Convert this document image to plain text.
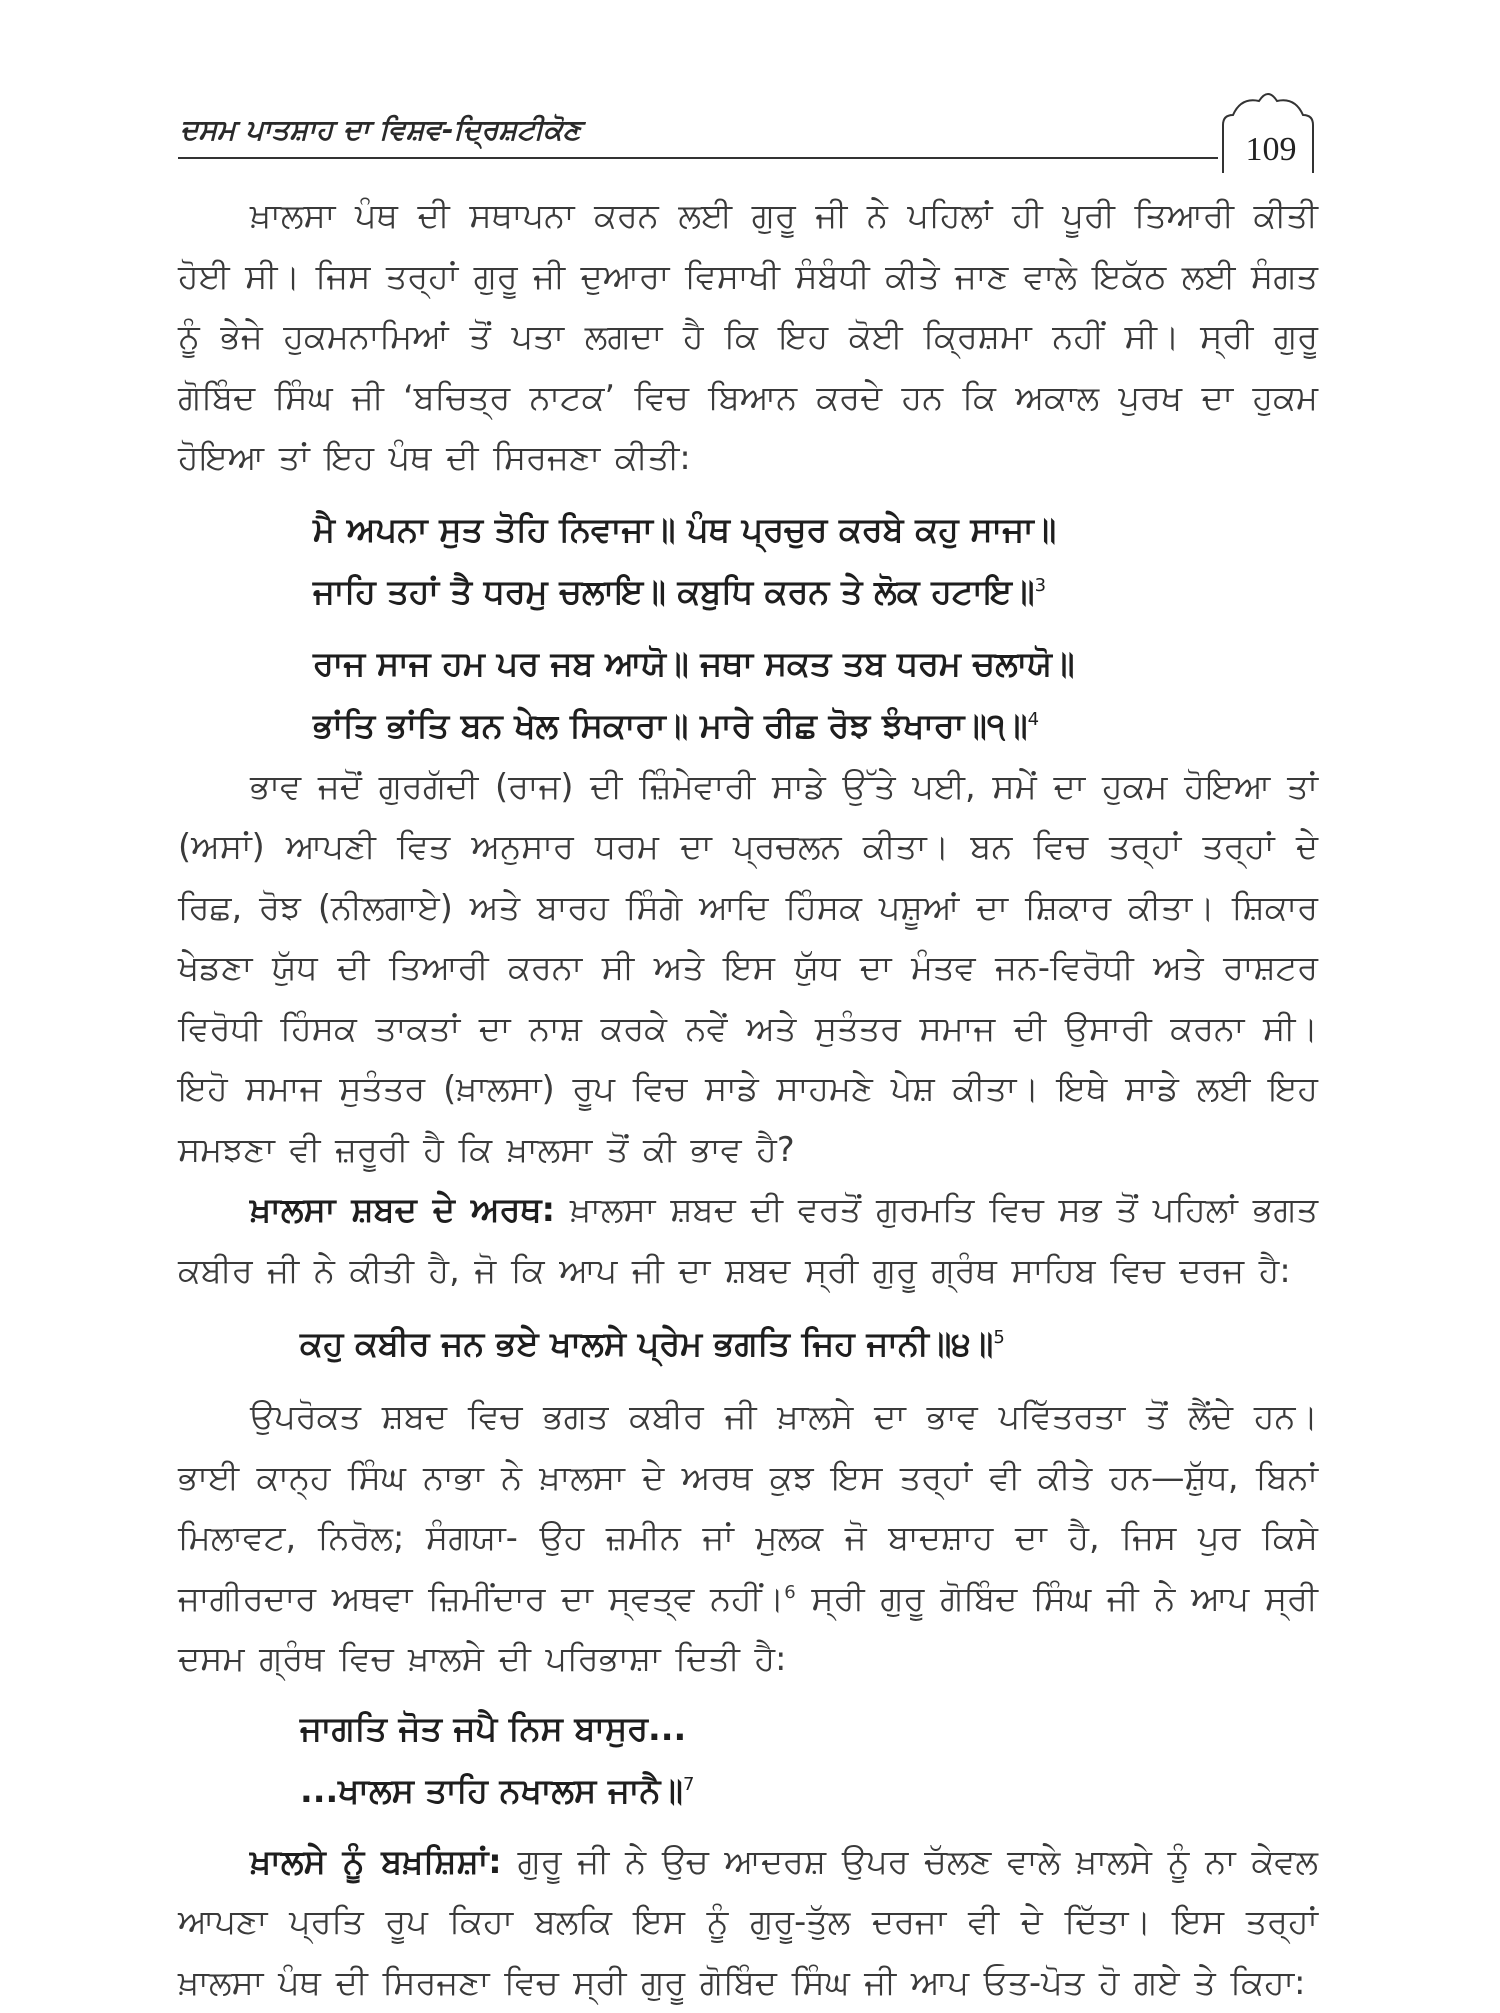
ਦਸਮ ਪਾਤਸ਼ਾਹ ਦਾ ਵਿਸ਼ਵ-ਦ੍ਰਿਸ਼ਟੀਕੋਣ
109

ਖ਼ਾਲਸਾ ਪੰਥ ਦੀ ਸਥਾਪਨਾ ਕਰਨ ਲਈ ਗੁਰੂ ਜੀ ਨੇ ਪਹਿਲਾਂ ਹੀ ਪੂਰੀ ਤਿਆਰੀ ਕੀਤੀ ਹੋਈ ਸੀ। ਜਿਸ ਤਰ੍ਹਾਂ ਗੁਰੂ ਜੀ ਦੁਆਰਾ ਵਿਸਾਖੀ ਸੰਬੰਧੀ ਕੀਤੇ ਜਾਣ ਵਾਲੇ ਇਕੱਠ ਲਈ ਸੰਗਤ ਨੂੰ ਭੇਜੇ ਹੁਕਮਨਾਮਿਆਂ ਤੋਂ ਪਤਾ ਲਗਦਾ ਹੈ ਕਿ ਇਹ ਕੋਈ ਕ੍ਰਿਸ਼ਮਾ ਨਹੀਂ ਸੀ। ਸ੍ਰੀ ਗੁਰੂ ਗੋਬਿੰਦ ਸਿੰਘ ਜੀ ‘ਬਚਿਤ੍ਰ ਨਾਟਕ’ ਵਿਚ ਬਿਆਨ ਕਰਦੇ ਹਨ ਕਿ ਅਕਾਲ ਪੁਰਖ ਦਾ ਹੁਕਮ ਹੋਇਆ ਤਾਂ ਇਹ ਪੰਥ ਦੀ ਸਿਰਜਣਾ ਕੀਤੀ:

ਮੈ ਅਪਨਾ ਸੁਤ ਤੋਹਿ ਨਿਵਾਜਾ॥ ਪੰਥ ਪ੍ਰਚੁਰ ਕਰਬੇ ਕਹੁ ਸਾਜਾ॥
ਜਾਹਿ ਤਹਾਂ ਤੈ ਧਰਮੁ ਚਲਾਇ॥ ਕਬੁਧਿ ਕਰਨ ਤੇ ਲੋਕ ਹਟਾਇ॥$^3$
ਰਾਜ ਸਾਜ ਹਮ ਪਰ ਜਬ ਆਯੋ॥ ਜਥਾ ਸਕਤ ਤਬ ਧਰਮ ਚਲਾਯੋ॥
ਭਾਂਤਿ ਭਾਂਤਿ ਬਨ ਖੇਲ ਸਿਕਾਰਾ॥ ਮਾਰੇ ਰੀਛ ਰੋਝ ਝੰਖਾਰਾ॥੧॥$^4$

ਭਾਵ ਜਦੋਂ ਗੁਰਗੱਦੀ (ਰਾਜ) ਦੀ ਜ਼ਿੰਮੇਵਾਰੀ ਸਾਡੇ ਉੱਤੇ ਪਈ, ਸਮੇਂ ਦਾ ਹੁਕਮ ਹੋਇਆ ਤਾਂ (ਅਸਾਂ) ਆਪਣੀ ਵਿਤ ਅਨੁਸਾਰ ਧਰਮ ਦਾ ਪ੍ਰਚਲਨ ਕੀਤਾ। ਬਨ ਵਿਚ ਤਰ੍ਹਾਂ ਤਰ੍ਹਾਂ ਦੇ ਰਿਛ, ਰੋਝ (ਨੀਲਗਾਏ) ਅਤੇ ਬਾਰਹ ਸਿੰਗੇ ਆਦਿ ਹਿੰਸਕ ਪਸ਼ੂਆਂ ਦਾ ਸ਼ਿਕਾਰ ਕੀਤਾ। ਸ਼ਿਕਾਰ ਖੇਡਣਾ ਯੁੱਧ ਦੀ ਤਿਆਰੀ ਕਰਨਾ ਸੀ ਅਤੇ ਇਸ ਯੁੱਧ ਦਾ ਮੰਤਵ ਜਨ-ਵਿਰੋਧੀ ਅਤੇ ਰਾਸ਼ਟਰ ਵਿਰੋਧੀ ਹਿੰਸਕ ਤਾਕਤਾਂ ਦਾ ਨਾਸ਼ ਕਰਕੇ ਨਵੇਂ ਅਤੇ ਸੁਤੰਤਰ ਸਮਾਜ ਦੀ ਉਸਾਰੀ ਕਰਨਾ ਸੀ। ਇਹੋ ਸਮਾਜ ਸੁਤੰਤਰ (ਖ਼ਾਲਸਾ) ਰੂਪ ਵਿਚ ਸਾਡੇ ਸਾਹਮਣੇ ਪੇਸ਼ ਕੀਤਾ। ਇਥੇ ਸਾਡੇ ਲਈ ਇਹ ਸਮਝਣਾ ਵੀ ਜ਼ਰੂਰੀ ਹੈ ਕਿ ਖ਼ਾਲਸਾ ਤੋਂ ਕੀ ਭਾਵ ਹੈ?

ਖ਼ਾਲਸਾ ਸ਼ਬਦ ਦੇ ਅਰਥ: ਖ਼ਾਲਸਾ ਸ਼ਬਦ ਦੀ ਵਰਤੋਂ ਗੁਰਮਤਿ ਵਿਚ ਸਭ ਤੋਂ ਪਹਿਲਾਂ ਭਗਤ ਕਬੀਰ ਜੀ ਨੇ ਕੀਤੀ ਹੈ, ਜੋ ਕਿ ਆਪ ਜੀ ਦਾ ਸ਼ਬਦ ਸ੍ਰੀ ਗੁਰੂ ਗ੍ਰੰਥ ਸਾਹਿਬ ਵਿਚ ਦਰਜ ਹੈ:

ਕਹੁ ਕਬੀਰ ਜਨ ਭਏ ਖਾਲਸੇ ਪ੍ਰੇਮ ਭਗਤਿ ਜਿਹ ਜਾਨੀ॥੪॥$^5$

ਉਪਰੋਕਤ ਸ਼ਬਦ ਵਿਚ ਭਗਤ ਕਬੀਰ ਜੀ ਖ਼ਾਲਸੇ ਦਾ ਭਾਵ ਪਵਿੱਤਰਤਾ ਤੋਂ ਲੈਂਦੇ ਹਨ। ਭਾਈ ਕਾਨ੍ਹ ਸਿੰਘ ਨਾਭਾ ਨੇ ਖ਼ਾਲਸਾ ਦੇ ਅਰਥ ਕੁਝ ਇਸ ਤਰ੍ਹਾਂ ਵੀ ਕੀਤੇ ਹਨ—ਸ਼ੁੱਧ, ਬਿਨਾਂ ਮਿਲਾਵਟ, ਨਿਰੋਲ; ਸੰਗਯਾ- ਉਹ ਜ਼ਮੀਨ ਜਾਂ ਮੁਲਕ ਜੋ ਬਾਦਸ਼ਾਹ ਦਾ ਹੈ, ਜਿਸ ਪੁਰ ਕਿਸੇ ਜਾਗੀਰਦਾਰ ਅਥਵਾ ਜ਼ਿਮੀਂਦਾਰ ਦਾ ਸ੍ਵਤ੍ਵ ਨਹੀਂ।$^6$ ਸ੍ਰੀ ਗੁਰੂ ਗੋਬਿੰਦ ਸਿੰਘ ਜੀ ਨੇ ਆਪ ਸ੍ਰੀ ਦਸਮ ਗ੍ਰੰਥ ਵਿਚ ਖ਼ਾਲਸੇ ਦੀ ਪਰਿਭਾਸ਼ਾ ਦਿਤੀ ਹੈ:

ਜਾਗਤਿ ਜੋਤ ਜਪੈ ਨਿਸ ਬਾਸੁਰ...
...ਖਾਲਸ ਤਾਹਿ ਨਖਾਲਸ ਜਾਨੈ॥$^7$

ਖ਼ਾਲਸੇ ਨੂੰ ਬਖ਼ਸ਼ਿਸ਼ਾਂ: ਗੁਰੂ ਜੀ ਨੇ ਉਚ ਆਦਰਸ਼ ਉਪਰ ਚੱਲਣ ਵਾਲੇ ਖ਼ਾਲਸੇ ਨੂੰ ਨਾ ਕੇਵਲ ਆਪਣਾ ਪ੍ਰਤਿ ਰੂਪ ਕਿਹਾ ਬਲਕਿ ਇਸ ਨੂੰ ਗੁਰੂ-ਤੁੱਲ ਦਰਜਾ ਵੀ ਦੇ ਦਿੱਤਾ। ਇਸ ਤਰ੍ਹਾਂ ਖ਼ਾਲਸਾ ਪੰਥ ਦੀ ਸਿਰਜਣਾ ਵਿਚ ਸ੍ਰੀ ਗੁਰੂ ਗੋਬਿੰਦ ਸਿੰਘ ਜੀ ਆਪ ਓਤ-ਪੋਤ ਹੋ ਗਏ ਤੇ ਕਿਹਾ:
